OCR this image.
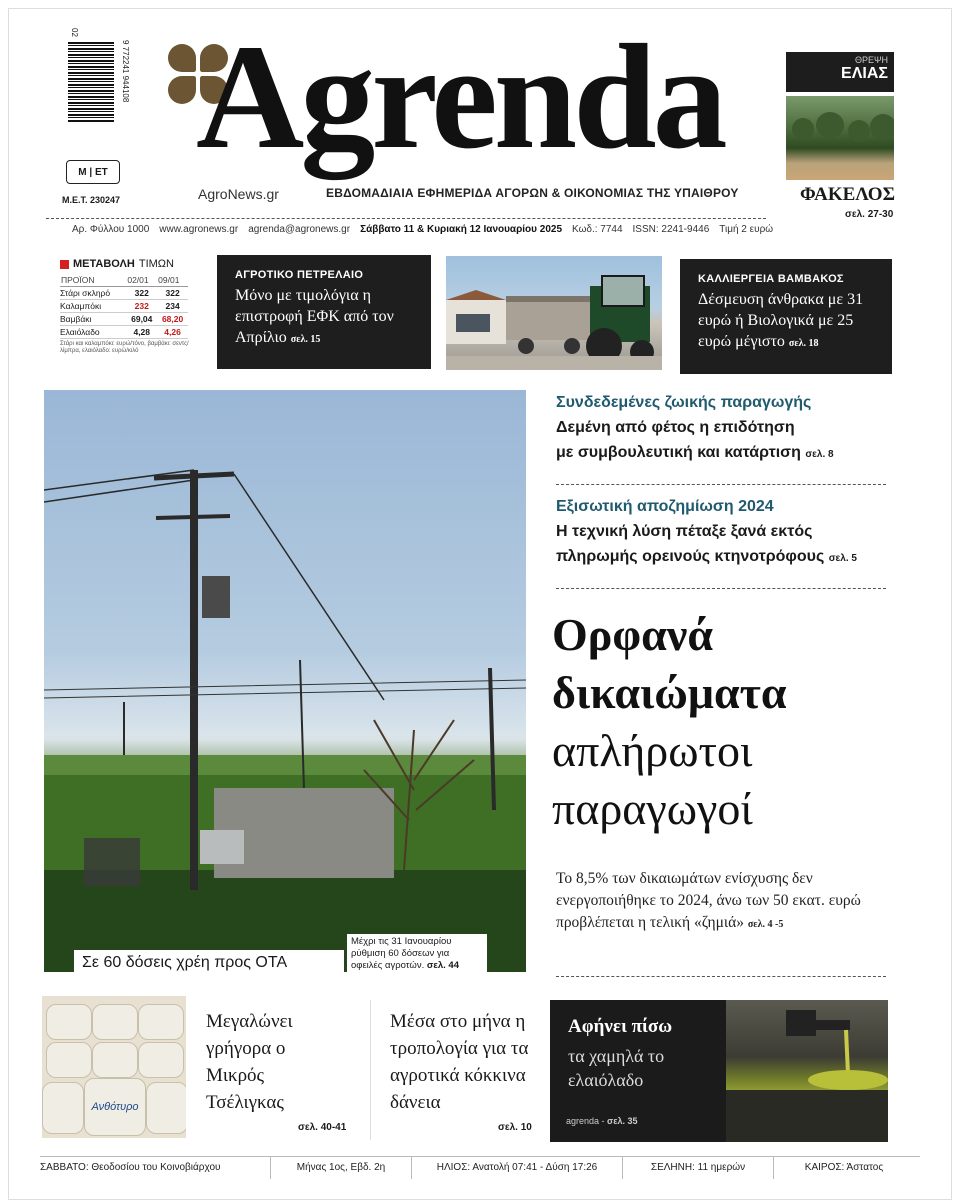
02
9 772241 944108
M | ET
Μ.Ε.Τ. 230247
Agrenda
AgroNews.gr	ΕΒΔΟΜΑΔΙΑΙΑ ΕΦΗΜΕΡΙΔΑ ΑΓΟΡΩΝ & ΟΙΚΟΝΟΜΙΑΣ ΤΗΣ ΥΠΑΙΘΡΟΥ
ΘΡΕΨΗ
ΕΛΙΑΣ
ΦΑΚΕΛΟΣ
σελ. 27-30
Αρ. Φύλλου 1000 www.agronews.gr agrenda@agronews.gr Σάββατο 11 & Κυριακή 12 Ιανουαρίου 2025 Κωδ.: 7744 ISSN: 2241-9446 Τιμή 2 ευρώ
ΜΕΤΑΒΟΛΗ ΤΙΜΩΝ
ΠΡΟΪΟΝ	02/01	09/01
Στάρι σκληρό	322	322
Καλαμπόκι	232	234
Βαμβάκι	69,04	68,20
Ελαιόλαδο	4,28	4,26
Στάρι και καλαμπόκι: ευρώ/τόνο, βαμβάκι: σεντς/λίμπρα, ελαιόλαδο: ευρώ/κιλό
ΑΓΡΟΤΙΚΟ ΠΕΤΡΕΛΑΙΟ
Μόνο με τιμολόγια η επιστροφή ΕΦΚ από τον Απρίλιο σελ. 15
ΚΑΛΛΙΕΡΓΕΙΑ ΒΑΜΒΑΚΟΣ
Δέσμευση άνθρακα με 31 ευρώ ή Βιολογικά με 25 ευρώ μέγιστο σελ. 18
Σε 60 δόσεις χρέη προς ΟΤΑ
Μέχρι τις 31 Ιανουαρίου ρύθμιση 60 δόσεων για οφειλές αγροτών. σελ. 44
Συνδεδεμένες ζωικής παραγωγής
Δεμένη από φέτος η επιδότηση
με συμβουλευτική και κατάρτιση σελ. 8
Εξισωτική αποζημίωση 2024
Η τεχνική λύση πέταξε ξανά εκτός
πληρωμής ορεινούς κτηνοτρόφους σελ. 5
Ορφανά
δικαιώματα
απλήρωτοι
παραγωγοί
Το 8,5% των δικαιωμάτων ενίσχυσης δεν ενεργοποιήθηκε το 2024, άνω των 50 εκατ. ευρώ προβλέπεται η τελική «ζημιά» σελ. 4 -5
Ανθότυρο
Μεγαλώνει γρήγορα ο Μικρός Τσέλιγκας
σελ. 40-41
Μέσα στο μήνα η τροπολογία για τα αγροτικά κόκκινα δάνεια
σελ. 10
Αφήνει πίσω
τα χαμηλά το ελαιόλαδο
agrenda - σελ. 35
ΣΑΒΒΑΤΟ: Θεοδοσίου του Κοινοβιάρχου	Μήνας 1ος, Εβδ. 2η	ΗΛΙΟΣ: Ανατολή 07:41 - Δύση 17:26	ΣΕΛΗΝΗ: 11 ημερών	ΚΑΙΡΟΣ: Άστατος
